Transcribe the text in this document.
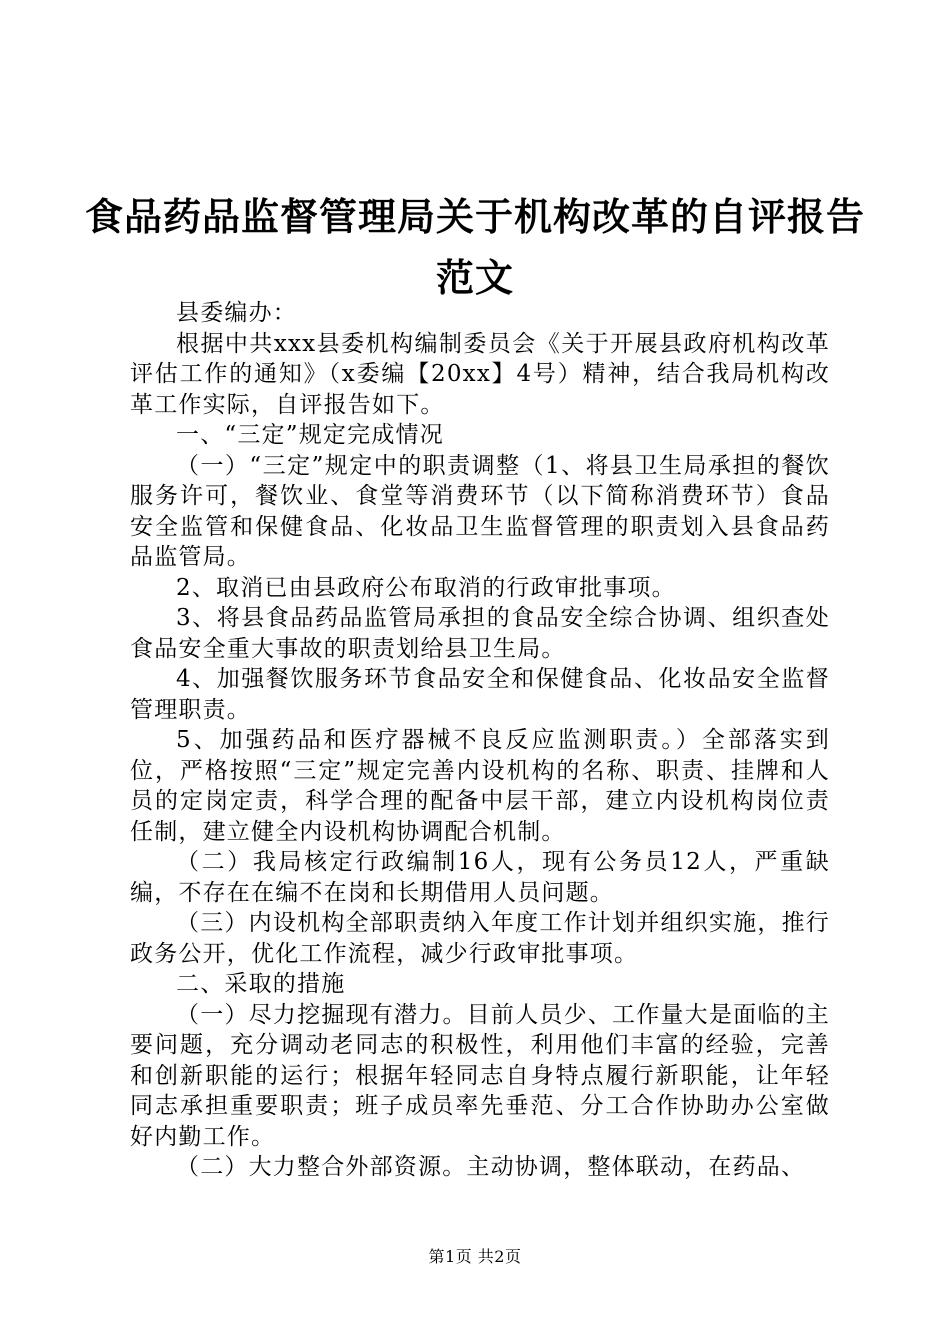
食品药品监督管理局关于机构改革的自评报告
范文

县委编办：

根据中共xxx县委机构编制委员会《关于开展县政府机构改革评估工作的通知》（x委编【20xx】4号）精神，结合我局机构改革工作实际，自评报告如下。

一、“三定”规定完成情况

（一）“三定”规定中的职责调整（1、将县卫生局承担的餐饮服务许可，餐饮业、食堂等消费环节（以下简称消费环节）食品安全监管和保健食品、化妆品卫生监督管理的职责划入县食品药品监管局。

2、取消已由县政府公布取消的行政审批事项。

3、将县食品药品监管局承担的食品安全综合协调、组织查处食品安全重大事故的职责划给县卫生局。

4、加强餐饮服务环节食品安全和保健食品、化妆品安全监督管理职责。

5、加强药品和医疗器械不良反应监测职责。）全部落实到位，严格按照“三定”规定完善内设机构的名称、职责、挂牌和人员的定岗定责，科学合理的配备中层干部，建立内设机构岗位责任制，建立健全内设机构协调配合机制。

（二）我局核定行政编制16人，现有公务员12人，严重缺编，不存在在编不在岗和长期借用人员问题。

（三）内设机构全部职责纳入年度工作计划并组织实施，推行政务公开，优化工作流程，减少行政审批事项。

二、采取的措施

（一）尽力挖掘现有潜力。目前人员少、工作量大是面临的主要问题，充分调动老同志的积极性，利用他们丰富的经验，完善和创新职能的运行；根据年轻同志自身特点履行新职能，让年轻同志承担重要职责；班子成员率先垂范、分工合作协助办公室做好内勤工作。

（二）大力整合外部资源。主动协调，整体联动，在药品、

第1页 共2页
